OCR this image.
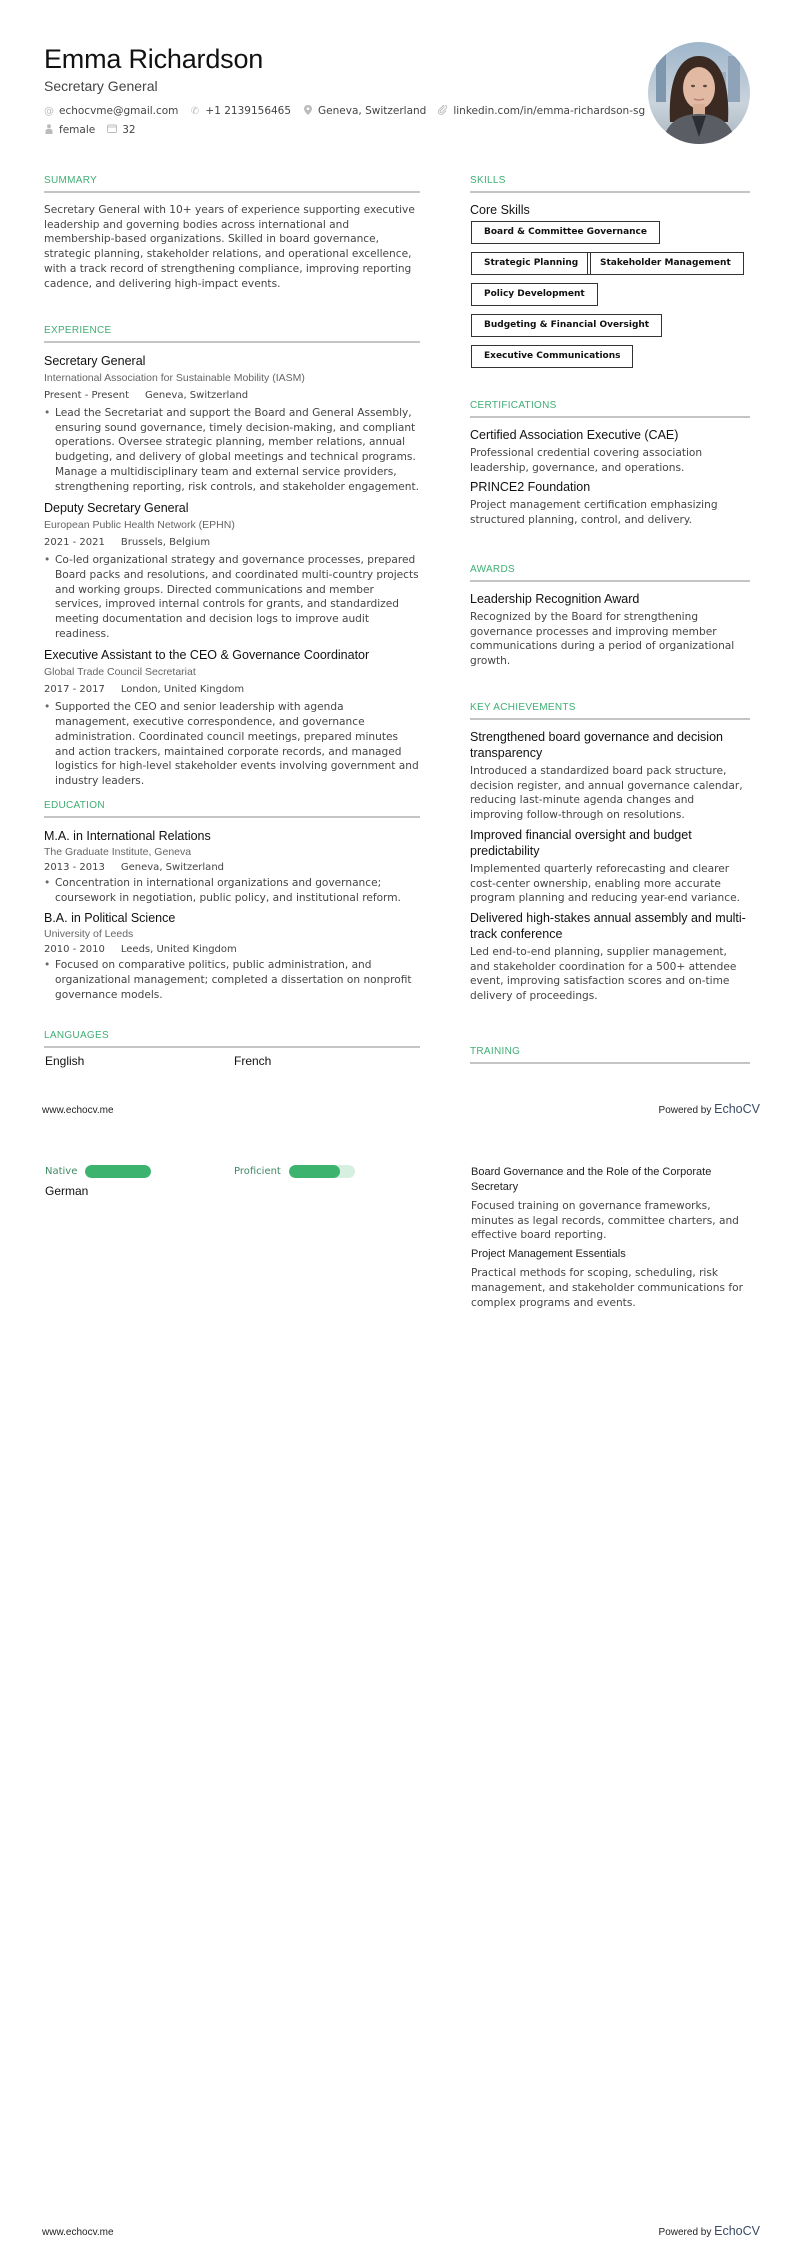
Emma Richardson
Secretary General
@ echocvme@gmail.com ✆ +1 2139156465	Geneva, Switzerland	linkedin.com/in/emma-richardson-sg
female	32
SUMMARY
Secretary General with 10+ years of experience supporting executive leadership and governing bodies across international and membership-based organizations. Skilled in board governance, strategic planning, stakeholder relations, and operational excellence, with a track record of strengthening compliance, improving reporting cadence, and delivering high-impact events.
EXPERIENCE
Secretary General
International Association for Sustainable Mobility (IASM)
Present - Present Geneva, Switzerland
• Lead the Secretariat and support the Board and General Assembly, ensuring sound governance, timely decision-making, and compliant operations. Oversee strategic planning, member relations, annual budgeting, and delivery of global meetings and technical programs. Manage a multidisciplinary team and external service providers, strengthening reporting, risk controls, and stakeholder engagement.
Deputy Secretary General
European Public Health Network (EPHN)
2021 - 2021 Brussels, Belgium
• Co-led organizational strategy and governance processes, prepared Board packs and resolutions, and coordinated multi-country projects and working groups. Directed communications and member services, improved internal controls for grants, and standardized meeting documentation and decision logs to improve audit readiness.
Executive Assistant to the CEO & Governance Coordinator
Global Trade Council Secretariat
2017 - 2017 London, United Kingdom
• Supported the CEO and senior leadership with agenda management, executive correspondence, and governance administration. Coordinated council meetings, prepared minutes and action trackers, maintained corporate records, and managed logistics for high-level stakeholder events involving government and industry leaders.
EDUCATION
M.A. in International Relations
The Graduate Institute, Geneva
2013 - 2013 Geneva, Switzerland
• Concentration in international organizations and governance; coursework in negotiation, public policy, and institutional reform.
B.A. in Political Science
University of Leeds
2010 - 2010 Leeds, United Kingdom
• Focused on comparative politics, public administration, and organizational management; completed a dissertation on nonprofit governance models.
LANGUAGES
English	French
www.echocv.me	Powered by EchoCV
Native	Proficient
German
SKILLS
Core Skills
Board & Committee Governance
Strategic Planning	Stakeholder Management
Policy Development
Budgeting & Financial Oversight
Executive Communications
CERTIFICATIONS
Certified Association Executive (CAE)
Professional credential covering association leadership, governance, and operations.
PRINCE2 Foundation
Project management certification emphasizing structured planning, control, and delivery.
AWARDS
Leadership Recognition Award
Recognized by the Board for strengthening governance processes and improving member communications during a period of organizational growth.
KEY ACHIEVEMENTS
Strengthened board governance and decision transparency
Introduced a standardized board pack structure, decision register, and annual governance calendar, reducing last-minute agenda changes and improving follow-through on resolutions.
Improved financial oversight and budget predictability
Implemented quarterly reforecasting and clearer cost-center ownership, enabling more accurate program planning and reducing year-end variance.
Delivered high-stakes annual assembly and multi-track conference
Led end-to-end planning, supplier management, and stakeholder coordination for a 500+ attendee event, improving satisfaction scores and on-time delivery of proceedings.
TRAINING
Board Governance and the Role of the Corporate Secretary
Focused training on governance frameworks, minutes as legal records, committee charters, and effective board reporting.
Project Management Essentials
Practical methods for scoping, scheduling, risk management, and stakeholder communications for complex programs and events.
www.echocv.me	Powered by EchoCV
